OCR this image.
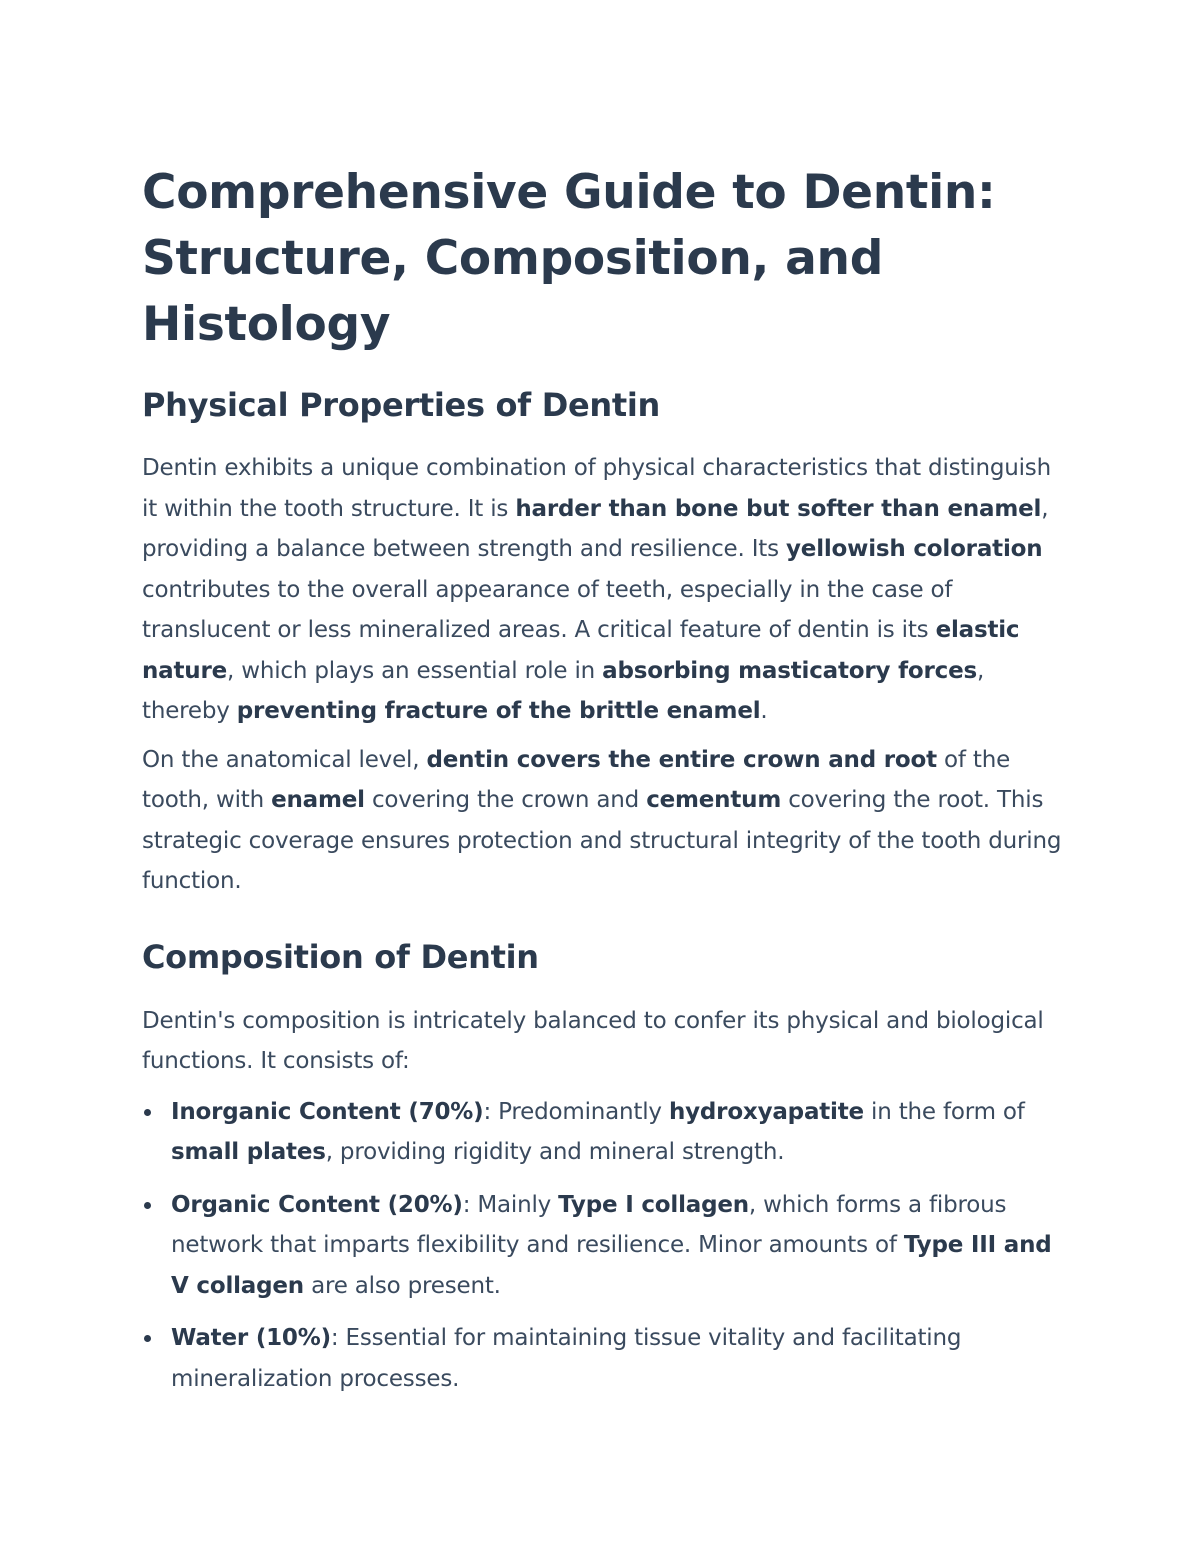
Comprehensive Guide to Dentin: Structure, Composition, and Histology
Physical Properties of Dentin

Dentin exhibits a unique combination of physical characteristics that distinguish it within the tooth structure. It is harder than bone but softer than enamel, providing a balance between strength and resilience. Its yellowish coloration contributes to the overall appearance of teeth, especially in the case of translucent or less mineralized areas. A critical feature of dentin is its elastic nature, which plays an essential role in absorbing masticatory forces, thereby preventing fracture of the brittle enamel.

On the anatomical level, dentin covers the entire crown and root of the tooth, with enamel covering the crown and cementum covering the root. This strategic coverage ensures protection and structural integrity of the tooth during function.

Composition of Dentin

Dentin's composition is intricately balanced to confer its physical and biological functions. It consists of:

Inorganic Content (70%): Predominantly hydroxyapatite in the form of small plates, providing rigidity and mineral strength.
Organic Content (20%): Mainly Type I collagen, which forms a fibrous network that imparts flexibility and resilience. Minor amounts of Type III and V collagen are also present.
Water (10%): Essential for maintaining tissue vitality and facilitating mineralization processes.
